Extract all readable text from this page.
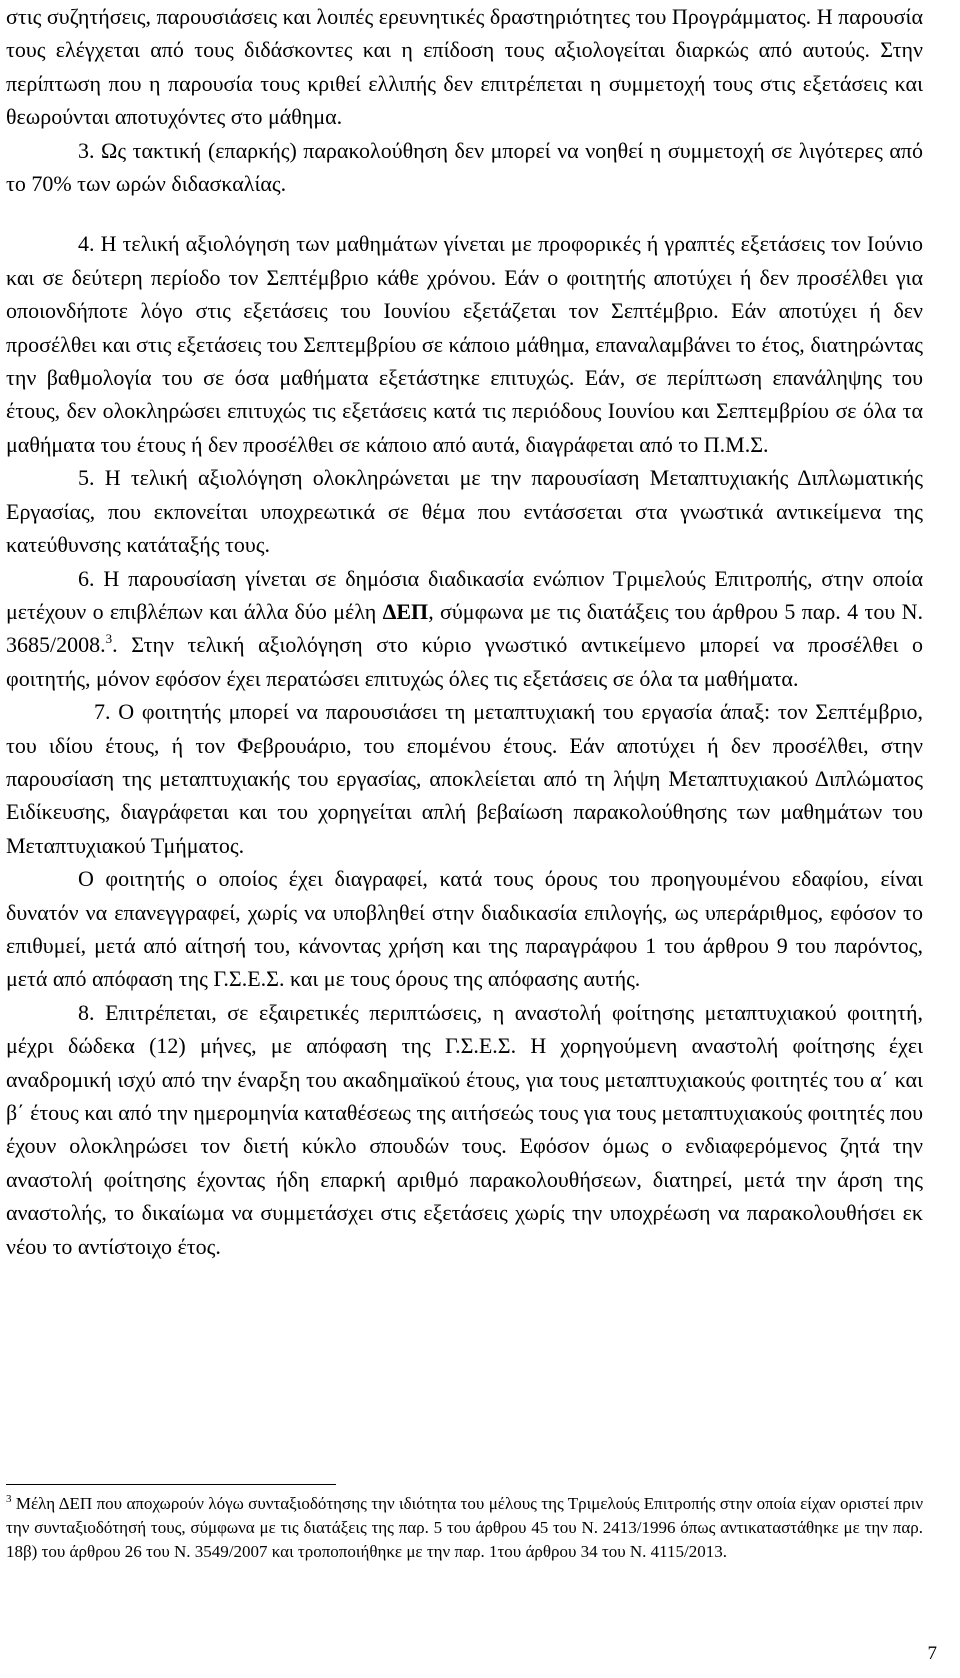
στις συζητήσεις, παρουσιάσεις και λοιπές ερευνητικές δραστηριότητες του Προγράμματος. Η παρουσία τους ελέγχεται από τους διδάσκοντες και η επίδοση τους αξιολογείται διαρκώς από αυτούς. Στην περίπτωση που η παρουσία τους κριθεί ελλιπής δεν επιτρέπεται η συμμετοχή τους στις εξετάσεις και θεωρούνται αποτυχόντες στο μάθημα.

3. Ως τακτική (επαρκής) παρακολούθηση δεν μπορεί να νοηθεί η συμμετοχή σε λιγότερες από το 70% των ωρών διδασκαλίας.

4. Η τελική αξιολόγηση των μαθημάτων γίνεται με προφορικές ή γραπτές εξετάσεις τον Ιούνιο και σε δεύτερη περίοδο τον Σεπτέμβριο κάθε χρόνου. Εάν ο φοιτητής αποτύχει ή δεν προσέλθει για οποιονδήποτε λόγο στις εξετάσεις του Ιουνίου εξετάζεται τον Σεπτέμβριο. Εάν αποτύχει ή δεν προσέλθει και στις εξετάσεις του Σεπτεμβρίου σε κάποιο μάθημα, επαναλαμβάνει το έτος, διατηρώντας την βαθμολογία του σε όσα μαθήματα εξετάστηκε επιτυχώς. Εάν, σε περίπτωση επανάληψης του έτους, δεν ολοκληρώσει επιτυχώς τις εξετάσεις κατά τις περιόδους Ιουνίου και Σεπτεμβρίου σε όλα τα μαθήματα του έτους ή δεν προσέλθει σε κάποιο από αυτά, διαγράφεται από το Π.Μ.Σ.

5. Η τελική αξιολόγηση ολοκληρώνεται με την παρουσίαση Μεταπτυχιακής Διπλωματικής Εργασίας, που εκπονείται υποχρεωτικά σε θέμα που εντάσσεται στα γνωστικά αντικείμενα της κατεύθυνσης κατάταξής τους.

6. Η παρουσίαση γίνεται σε δημόσια διαδικασία ενώπιον Τριμελούς Επιτροπής, στην οποία μετέχουν ο επιβλέπων και άλλα δύο μέλη ΔΕΠ, σύμφωνα με τις διατάξεις του άρθρου 5 παρ. 4 του Ν. 3685/2008.$^3$. Στην τελική αξιολόγηση στο κύριο γνωστικό αντικείμενο μπορεί να προσέλθει ο φοιτητής, μόνον εφόσον έχει περατώσει επιτυχώς όλες τις εξετάσεις σε όλα τα μαθήματα.

7. Ο φοιτητής μπορεί να παρουσιάσει τη μεταπτυχιακή του εργασία άπαξ: τον Σεπτέμβριο, του ιδίου έτους, ή τον Φεβρουάριο, του επομένου έτους. Εάν αποτύχει ή δεν προσέλθει, στην παρουσίαση της μεταπτυχιακής του εργασίας, αποκλείεται από τη λήψη Μεταπτυχιακού Διπλώματος Ειδίκευσης, διαγράφεται και του χορηγείται απλή βεβαίωση παρακολούθησης των μαθημάτων του Μεταπτυχιακού Τμήματος.

Ο φοιτητής ο οποίος έχει διαγραφεί, κατά τους όρους του προηγουμένου εδαφίου, είναι δυνατόν να επανεγγραφεί, χωρίς να υποβληθεί στην διαδικασία επιλογής, ως υπεράριθμος, εφόσον το επιθυμεί, μετά από αίτησή του, κάνοντας χρήση και της παραγράφου 1 του άρθρου 9 του παρόντος, μετά από απόφαση της Γ.Σ.Ε.Σ. και με τους όρους της απόφασης αυτής.

8. Επιτρέπεται, σε εξαιρετικές περιπτώσεις, η αναστολή φοίτησης μεταπτυχιακού φοιτητή, μέχρι δώδεκα (12) μήνες, με απόφαση της Γ.Σ.Ε.Σ. Η χορηγούμενη αναστολή φοίτησης έχει αναδρομική ισχύ από την έναρξη του ακαδημαϊκού έτους, για τους μεταπτυχιακούς φοιτητές του α΄ και β΄ έτους και από την ημερομηνία καταθέσεως της αιτήσεώς τους για τους μεταπτυχιακούς φοιτητές που έχουν ολοκληρώσει τον διετή κύκλο σπουδών τους. Εφόσον όμως ο ενδιαφερόμενος ζητά την αναστολή φοίτησης έχοντας ήδη επαρκή αριθμό παρακολουθήσεων, διατηρεί, μετά την άρση της αναστολής, το δικαίωμα να συμμετάσχει στις εξετάσεις χωρίς την υποχρέωση να παρακολουθήσει εκ νέου το αντίστοιχο έτος.

$^3$ Μέλη ΔΕΠ που αποχωρούν λόγω συνταξιοδότησης την ιδιότητα του μέλους της Τριμελούς Επιτροπής στην οποία είχαν οριστεί πριν την συνταξιοδότησή τους, σύμφωνα με τις διατάξεις της παρ. 5 του άρθρου 45 του Ν. 2413/1996 όπως αντικαταστάθηκε με την παρ. 18β) του άρθρου 26 του Ν. 3549/2007 και τροποποιήθηκε με την παρ. 1του άρθρου 34 του Ν. 4115/2013.
7
